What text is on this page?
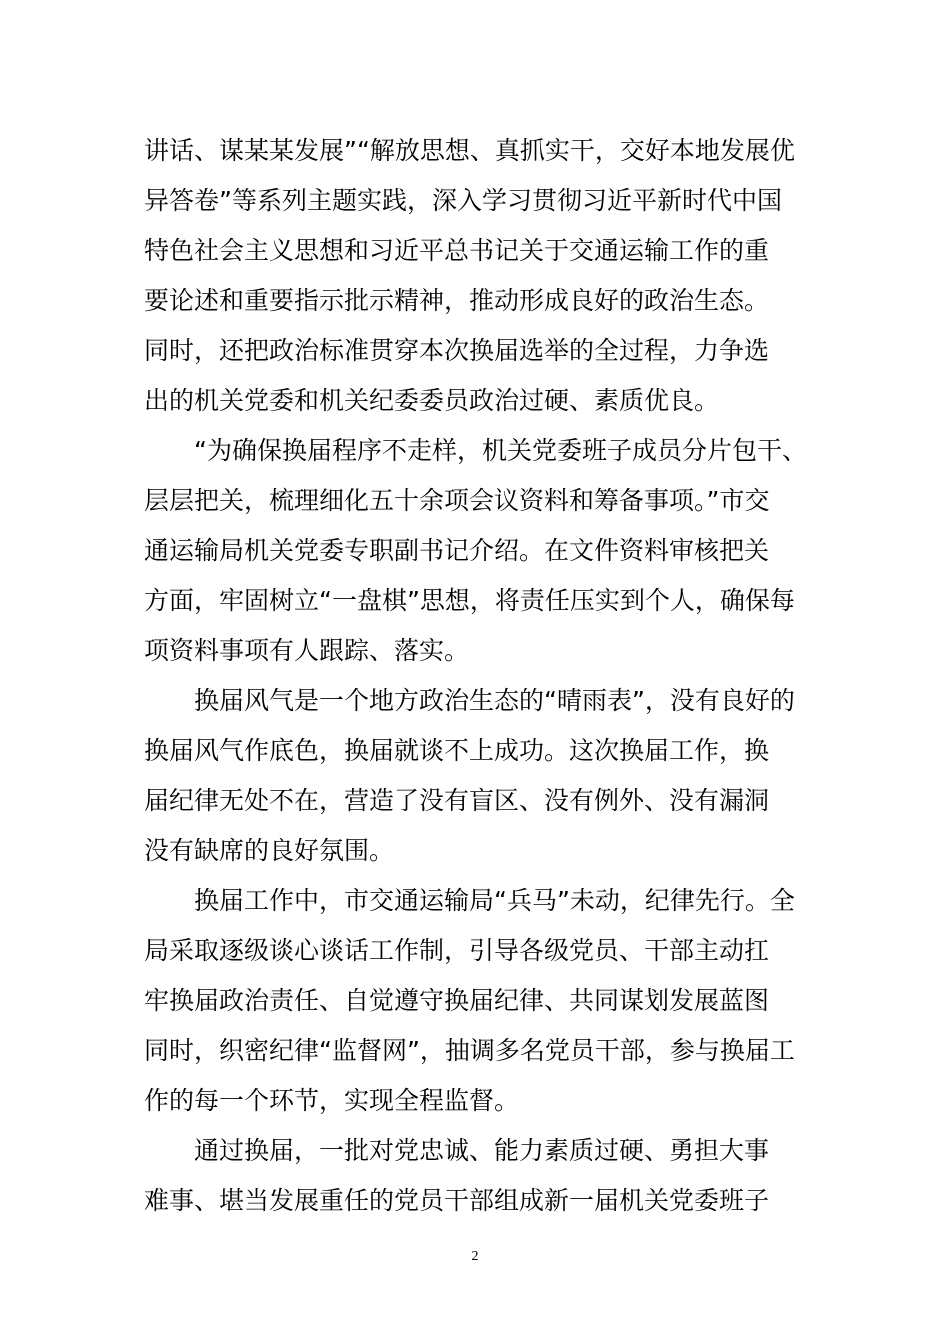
讲话、谋某某发展”“解放思想、真抓实干，交好本地发展优
异答卷”等系列主题实践，深入学习贯彻习近平新时代中国
特色社会主义思想和习近平总书记关于交通运输工作的重
要论述和重要指示批示精神，推动形成良好的政治生态。
同时，还把政治标准贯穿本次换届选举的全过程，力争选
出的机关党委和机关纪委委员政治过硬、素质优良。
“为确保换届程序不走样，机关党委班子成员分片包干、
层层把关，梳理细化五十余项会议资料和筹备事项。”市交
通运输局机关党委专职副书记介绍。在文件资料审核把关
方面，牢固树立“一盘棋”思想，将责任压实到个人，确保每
项资料事项有人跟踪、落实。
换届风气是一个地方政治生态的“晴雨表”，没有良好的
换届风气作底色，换届就谈不上成功。这次换届工作，换
届纪律无处不在，营造了没有盲区、没有例外、没有漏洞
没有缺席的良好氛围。
换届工作中，市交通运输局“兵马”未动，纪律先行。全
局采取逐级谈心谈话工作制，引导各级党员、干部主动扛
牢换届政治责任、自觉遵守换届纪律、共同谋划发展蓝图
同时，织密纪律“监督网”，抽调多名党员干部，参与换届工
作的每一个环节，实现全程监督。
通过换届，一批对党忠诚、能力素质过硬、勇担大事
难事、堪当发展重任的党员干部组成新一届机关党委班子
2
